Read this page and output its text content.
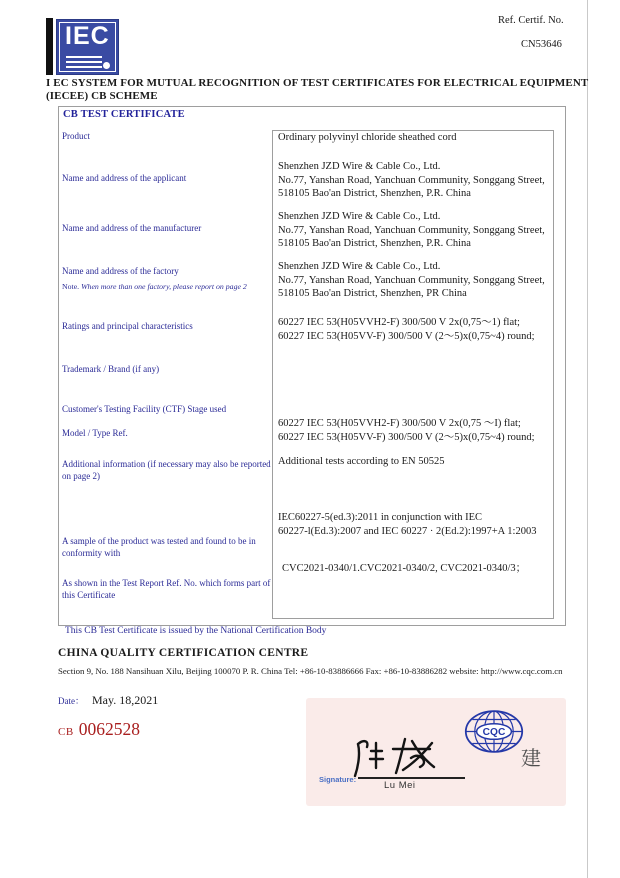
IEC
Ref. Certif. No.
CN53646
I EC SYSTEM FOR MUTUAL RECOGNITION OF TEST CERTIFICATES FOR ELECTRICAL EQUIPMENT
(IECEE) CB SCHEME
CB TEST CERTIFICATE
Product
Name and address of the applicant
Name and address of the manufacturer
Name and address of the factory
Note. When more than one factory, please report on page 2
Ratings and principal characteristics
Trademark / Brand (if any)
Customer's Testing Facility (CTF) Stage used
Model / Type Ref.
Additional information (if necessary may also be reported on page 2)
A sample of the product was tested and found to be in conformity with
As shown in the Test Report Ref. No. which forms part of this Certificate
Ordinary polyvinyl chloride sheathed cord
Shenzhen JZD Wire & Cable Co., Ltd.
No.77, Yanshan Road, Yanchuan Community, Songgang Street,
518105 Bao'an District, Shenzhen, P.R. China
Shenzhen JZD Wire & Cable Co., Ltd.
No.77, Yanshan Road, Yanchuan Community, Songgang Street,
518105 Bao'an District, Shenzhen, P.R. China
Shenzhen JZD Wire & Cable Co., Ltd.
No.77, Yanshan Road, Yanchuan Community, Songgang Street,
518105 Bao'an District, Shenzhen, PR China
60227 IEC 53(H05VVH2-F) 300/500 V 2x(0,75〜1) flat;
60227 IEC 53(H05VV-F) 300/500 V (2〜5)x(0,75~4) round;
60227 IEC 53(H05VVH2-F) 300/500 V 2x(0,75 〜I) flat;
60227 IEC 53(H05VV-F) 300/500 V (2〜5)x(0,75~4) round;
Additional tests according to EN 50525
IEC60227-5(ed.3):2011 in conjunction with IEC
60227-l(Ed.3):2007 and IEC 60227 · 2(Ed.2):1997+A 1:2003
CVC2021-0340/1.CVC2021-0340/2, CVC2021-0340/3；
This CB Test Certificate is issued by the National Certification Body
CHINA QUALITY CERTIFICATION CENTRE
Section 9, No. 188 Nansihuan Xilu, Beijing 100070 P. R. China Tel: +86-10-83886666 Fax: +86-10-83886282 website: http://www.cqc.com.cn
Date： May. 18,2021
CB 0062528
Signature:
Lu Mei
CQC
建
